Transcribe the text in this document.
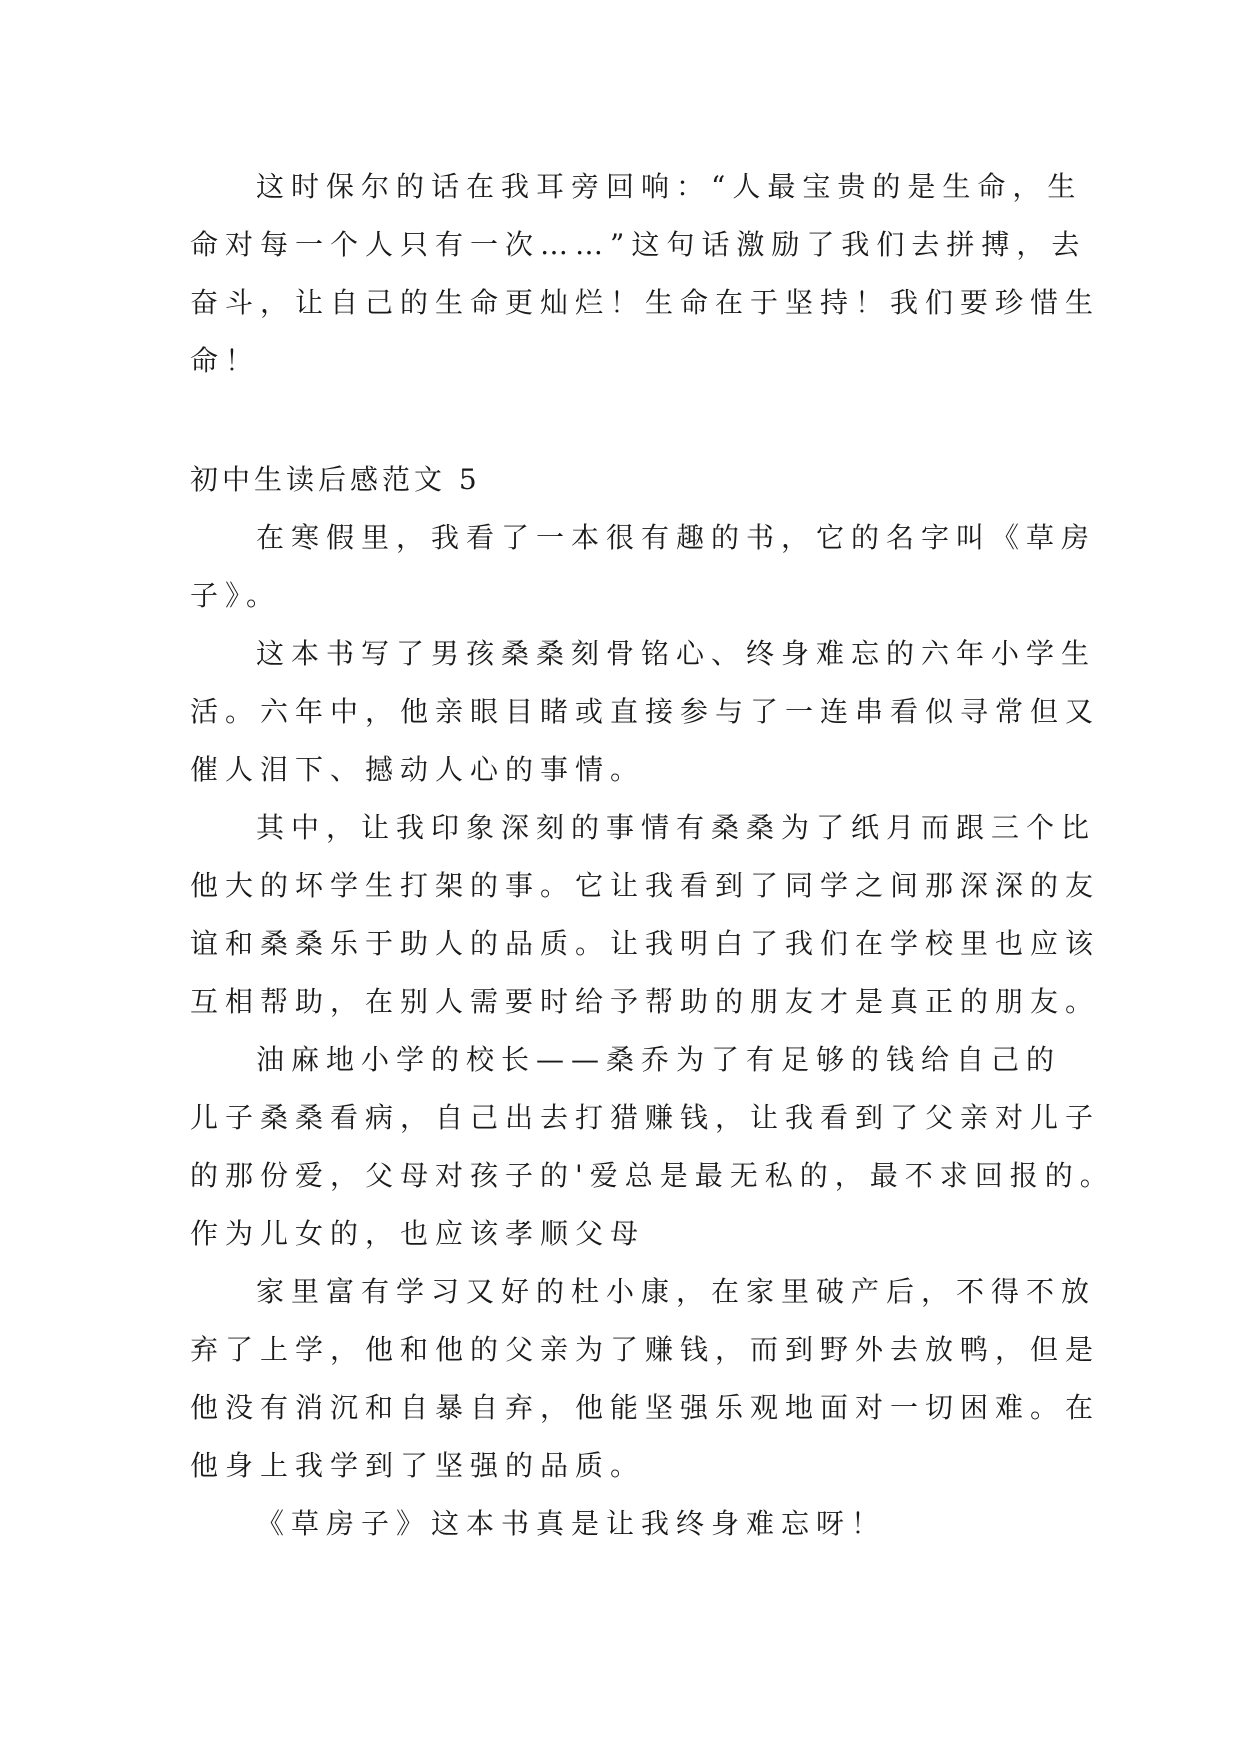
这时保尔的话在我耳旁回响：“人最宝贵的是生命，生
命对每一个人只有一次……”这句话激励了我们去拼搏，去
奋斗，让自己的生命更灿烂！生命在于坚持！我们要珍惜生
命！
初中生读后感范文 5
在寒假里，我看了一本很有趣的书，它的名字叫《草房
子》。
这本书写了男孩桑桑刻骨铭心、终身难忘的六年小学生
活。六年中，他亲眼目睹或直接参与了一连串看似寻常但又
催人泪下、撼动人心的事情。
其中，让我印象深刻的事情有桑桑为了纸月而跟三个比
他大的坏学生打架的事。它让我看到了同学之间那深深的友
谊和桑桑乐于助人的品质。让我明白了我们在学校里也应该
互相帮助，在别人需要时给予帮助的朋友才是真正的朋友。
油麻地小学的校长——桑乔为了有足够的钱给自己的
儿子桑桑看病，自己出去打猎赚钱，让我看到了父亲对儿子
的那份爱，父母对孩子的'爱总是最无私的，最不求回报的。
作为儿女的，也应该孝顺父母
家里富有学习又好的杜小康，在家里破产后，不得不放
弃了上学，他和他的父亲为了赚钱，而到野外去放鸭，但是
他没有消沉和自暴自弃，他能坚强乐观地面对一切困难。在
他身上我学到了坚强的品质。
《草房子》这本书真是让我终身难忘呀！
